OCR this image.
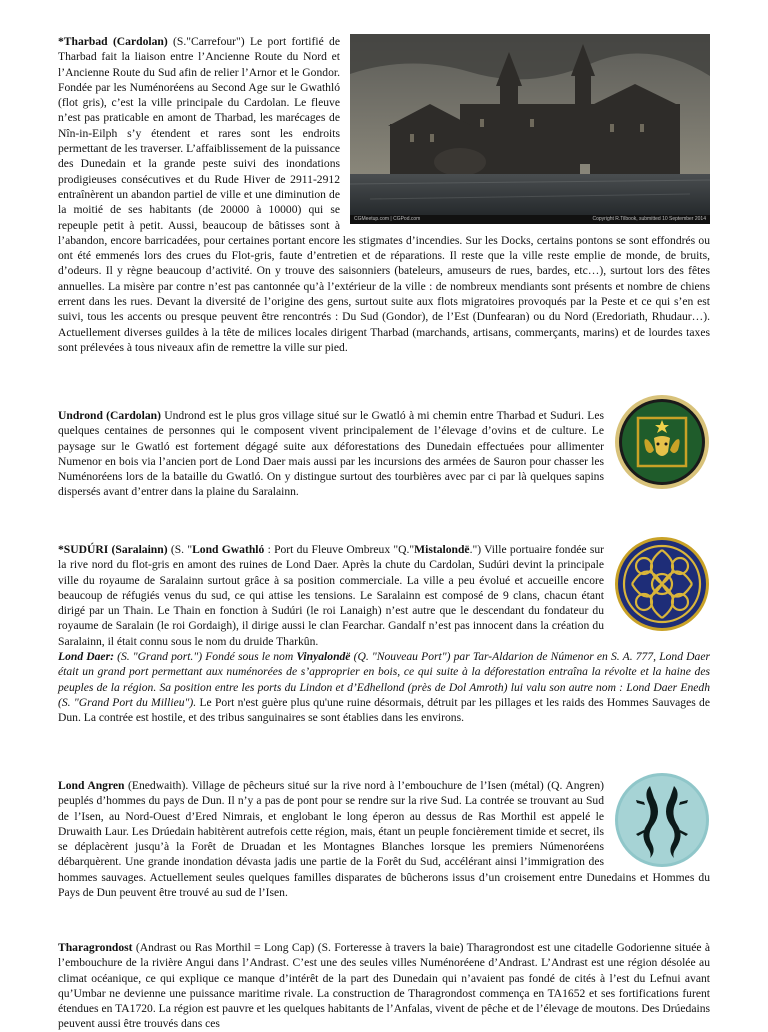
CGMeetup.com | CGPod.com	Copyright R.Tilbook, submitted 10 September 2014

*Tharbad (Cardolan) (S."Carrefour") Le port fortifié de Tharbad fait la liaison entre l’Ancienne Route du Nord et l’Ancienne Route du Sud afin de relier l’Arnor et le Gondor. Fondée par les Numénoréens au Second Age sur le Gwathló (flot gris), c’est la ville principale du Cardolan. Le fleuve n’est pas praticable en amont de Tharbad, les marécages de Nîn-in-Eilph s’y étendent et rares sont les endroits permettant de les traverser. L’affaiblissement de la puissance des Dunedain et la grande peste suivi des inondations prodigieuses consécutives et du Rude Hiver de 2911-2912 entraînèrent un abandon partiel de ville et une diminution de la moitié de ses habitants (de 20000 à 10000) qui se repeuple petit à petit. Aussi, beaucoup de bâtisses sont à l’abandon, encore barricadées, pour certaines portant encore les stigmates d’incendies. Sur les Docks, certains pontons se sont effondrés ou ont été emmenés lors des crues du Flot-gris, faute d’entretien et de réparations. Il reste que la ville reste emplie de monde, de bruits, d’odeurs. Il y règne beaucoup d’activité. On y trouve des saisonniers (bateleurs, amuseurs de rues, bardes, etc…), surtout lors des fêtes annuelles. La misère par contre n’est pas cantonnée qu’à l’extérieur de la ville : de nombreux mendiants sont présents et nombre de chiens errent dans les rues. Devant la diversité de l’origine des gens, surtout suite aux flots migratoires provoqués par la Peste et ce qui s’en est suivi, tous les accents ou presque peuvent être rencontrés : Du Sud (Gondor), de l’Est (Dunfearan) ou du Nord (Eredoriath, Rhudaur…). Actuellement diverses guildes à la tête de milices locales dirigent Tharbad (marchands, artisans, commerçants, marins) et de lourdes taxes sont prélevées à tous niveaux afin de remettre la ville sur pied.

Undrond (Cardolan) Undrond est le plus gros village situé sur le Gwatló à mi chemin entre Tharbad et Suduri. Les quelques centaines de personnes qui le composent vivent principalement de l’élevage d’ovins et de culture. Le paysage sur le Gwatló est fortement dégagé suite aux déforestations des Dunedain effectuées pour allimenter Numenor en bois via l’ancien port de Lond Daer mais aussi par les incursions des armées de Sauron pour chasser les Numénoréens lors de la bataille du Gwatló. On y distingue surtout des tourbières avec par ci par là quelques sapins dispersés avant d’entrer dans la plaine du Saralainn.

*SUDÚRI (Saralainn) (S. "Lond Gwathló : Port du Fleuve Ombreux "Q."Mistalondë.") Ville portuaire fondée sur la rive nord du flot-gris en amont des ruines de Lond Daer. Après la chute du Cardolan, Sudúri devint la principale ville du royaume de Saralainn surtout grâce à sa position commerciale. La ville a peu évolué et accueille encore beaucoup de réfugiés venus du sud, ce qui attise les tensions. Le Saralainn est composé de 9 clans, chacun étant dirigé par un Thain. Le Thain en fonction à Sudúri (le roi Lanaigh) n’est autre que le descendant du fondateur du royaume de Saralain (le roi Gordaigh), il dirige aussi le clan Fearchar. Gandalf n’est pas innocent dans la création du Saralainn, il était connu sous le nom du druide Tharkûn.

Lond Daer: (S. "Grand port.") Fondé sous le nom Vinyalondë (Q. "Nouveau Port") par Tar-Aldarion de Númenor en S. A. 777, Lond Daer était un grand port permettant aux numénorées de s’approprier en bois, ce qui suite à la déforestation entraîna la révolte et la haine des peuples de la région. Sa position entre les ports du Lindon et d’Edhellond (près de Dol Amroth) lui valu son autre nom : Lond Daer Enedh (S. "Grand Port du Millieu"). Le Port n'est guère plus qu'une ruine désormais, détruit par les pillages et les raids des Hommes Sauvages de Dun. La contrée est hostile, et des tribus sanguinaires se sont établies dans les environs.

Lond Angren (Enedwaith). Village de pêcheurs situé sur la rive nord à l’embouchure de l’Isen (métal) (Q. Angren) peuplés d’hommes du pays de Dun. Il n’y a pas de pont pour se rendre sur la rive Sud. La contrée se trouvant au Sud de l’Isen, au Nord-Ouest d’Ered Nimrais, et englobant le long éperon au dessus de Ras Morthil est appelé le Druwaith Laur. Les Drúedain habitèrent autrefois cette région, mais, étant un peuple foncièrement timide et secret, ils se déplacèrent jusqu’à la Forêt de Druadan et les Montagnes Blanches lorsque les premiers Númenoréens débarquèrent. Une grande inondation dévasta jadis une partie de la Forêt du Sud, accélérant ainsi l’immigration des hommes sauvages. Actuellement seules quelques familles disparates de bûcherons issus d’un croisement entre Dunedains et Hommes du Pays de Dun peuvent être trouvé au sud de l’Isen.

Tharagrondost (Andrast ou Ras Morthil = Long Cap) (S. Forteresse à travers la baie) Tharagrondost est une citadelle Godorienne située à l’embouchure de la rivière Angui dans l’Andrast. C’est une des seules villes Numénoréene d’Andrast. L’Andrast est une région désolée au climat océanique, ce qui explique ce manque d’intérêt de la part des Dunedain qui n’avaient pas fondé de cités à l’est du Lefnui avant qu’Umbar ne devienne une puissance maritime rivale. La construction de Tharagrondost commença en TA1652 et ses fortifications furent étendues en TA1720. La région est pauvre et les quelques habitants de l’Anfalas, vivent de pêche et de l’élevage de moutons. Des Drúedains peuvent aussi être trouvés dans ces
